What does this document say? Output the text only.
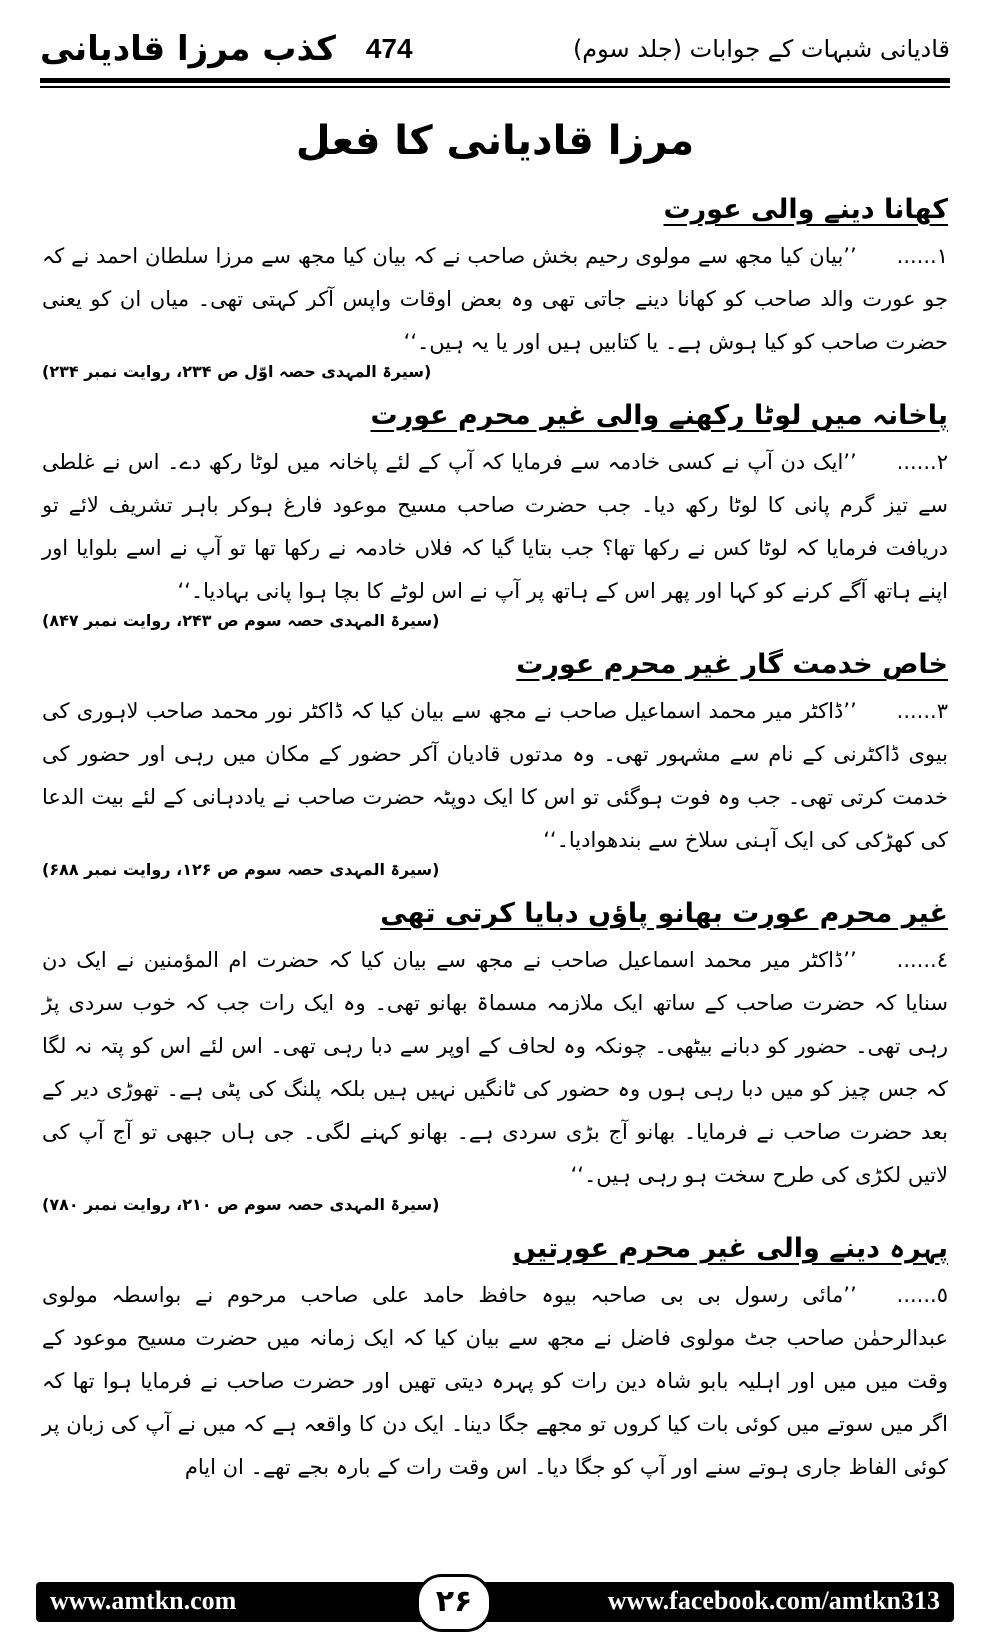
کذب مرزا قادیانی 474	قادیانی شبہات کے جوابات (جلد سوم)
مرزا قادیانی کا فعل
کھانا دینے والی عورت
١......’’بیان کیا مجھ سے مولوی رحیم بخش صاحب نے کہ بیان کیا مجھ سے مرزا سلطان احمد نے کہ جو عورت والد صاحب کو کھانا دینے جاتی تھی وہ بعض اوقات واپس آکر کہتی تھی۔ میاں ان کو یعنی حضرت صاحب کو کیا ہوش ہے۔ یا کتابیں ہیں اور یا یہ ہیں۔‘‘
(سیرۃ المہدی حصہ اوّل ص ۲۳۴، روایت نمبر ۲۳۴)
پاخانہ میں لوٹا رکھنے والی غیر محرم عورت
٢......’’ایک دن آپ نے کسی خادمہ سے فرمایا کہ آپ کے لئے پاخانہ میں لوٹا رکھ دے۔ اس نے غلطی سے تیز گرم پانی کا لوٹا رکھ دیا۔ جب حضرت صاحب مسیح موعود فارغ ہوکر باہر تشریف لائے تو دریافت فرمایا کہ لوٹا کس نے رکھا تھا؟ جب بتایا گیا کہ فلاں خادمہ نے رکھا تھا تو آپ نے اسے بلوایا اور اپنے ہاتھ آگے کرنے کو کہا اور پھر اس کے ہاتھ پر آپ نے اس لوٹے کا بچا ہوا پانی بہادیا۔‘‘
(سیرۃ المہدی حصہ سوم ص ۲۴۳، روایت نمبر ۸۴۷)
خاص خدمت گار غیر محرم عورت
٣......’’ڈاکٹر میر محمد اسماعیل صاحب نے مجھ سے بیان کیا کہ ڈاکٹر نور محمد صاحب لاہوری کی بیوی ڈاکٹرنی کے نام سے مشہور تھی۔ وہ مدتوں قادیان آکر حضور کے مکان میں رہی اور حضور کی خدمت کرتی تھی۔ جب وہ فوت ہوگئی تو اس کا ایک دوپٹہ حضرت صاحب نے یاددہانی کے لئے بیت الدعا کی کھڑکی کی ایک آہنی سلاخ سے بندھوادیا۔‘‘
(سیرۃ المہدی حصہ سوم ص ۱۲۶، روایت نمبر ۶۸۸)
غیر محرم عورت بھانو پاؤں دبایا کرتی تھی
٤......’’ڈاکٹر میر محمد اسماعیل صاحب نے مجھ سے بیان کیا کہ حضرت ام المؤمنین نے ایک دن سنایا کہ حضرت صاحب کے ساتھ ایک ملازمہ مسماۃ بھانو تھی۔ وہ ایک رات جب کہ خوب سردی پڑ رہی تھی۔ حضور کو دبانے بیٹھی۔ چونکہ وہ لحاف کے اوپر سے دبا رہی تھی۔ اس لئے اس کو پتہ نہ لگا کہ جس چیز کو میں دبا رہی ہوں وہ حضور کی ٹانگیں نہیں ہیں بلکہ پلنگ کی پٹی ہے۔ تھوڑی دیر کے بعد حضرت صاحب نے فرمایا۔ بھانو آج بڑی سردی ہے۔ بھانو کہنے لگی۔ جی ہاں جبھی تو آج آپ کی لاتیں لکڑی کی طرح سخت ہو رہی ہیں۔‘‘
(سیرۃ المہدی حصہ سوم ص ۲۱۰، روایت نمبر ۷۸۰)
پہرہ دینے والی غیر محرم عورتیں
٥......’’مائی رسول بی بی صاحبہ بیوہ حافظ حامد علی صاحب مرحوم نے بواسطہ مولوی عبدالرحمٰن صاحب جٹ مولوی فاضل نے مجھ سے بیان کیا کہ ایک زمانہ میں حضرت مسیح موعود کے وقت میں میں اور اہلیہ بابو شاہ دین رات کو پہرہ دیتی تھیں اور حضرت صاحب نے فرمایا ہوا تھا کہ اگر میں سوتے میں کوئی بات کیا کروں تو مجھے جگا دینا۔ ایک دن کا واقعہ ہے کہ میں نے آپ کی زبان پر کوئی الفاظ جاری ہوتے سنے اور آپ کو جگا دیا۔ اس وقت رات کے بارہ بجے تھے۔ ان ایام
www.amtkn.com	۲۶	www.facebook.com/amtkn313
